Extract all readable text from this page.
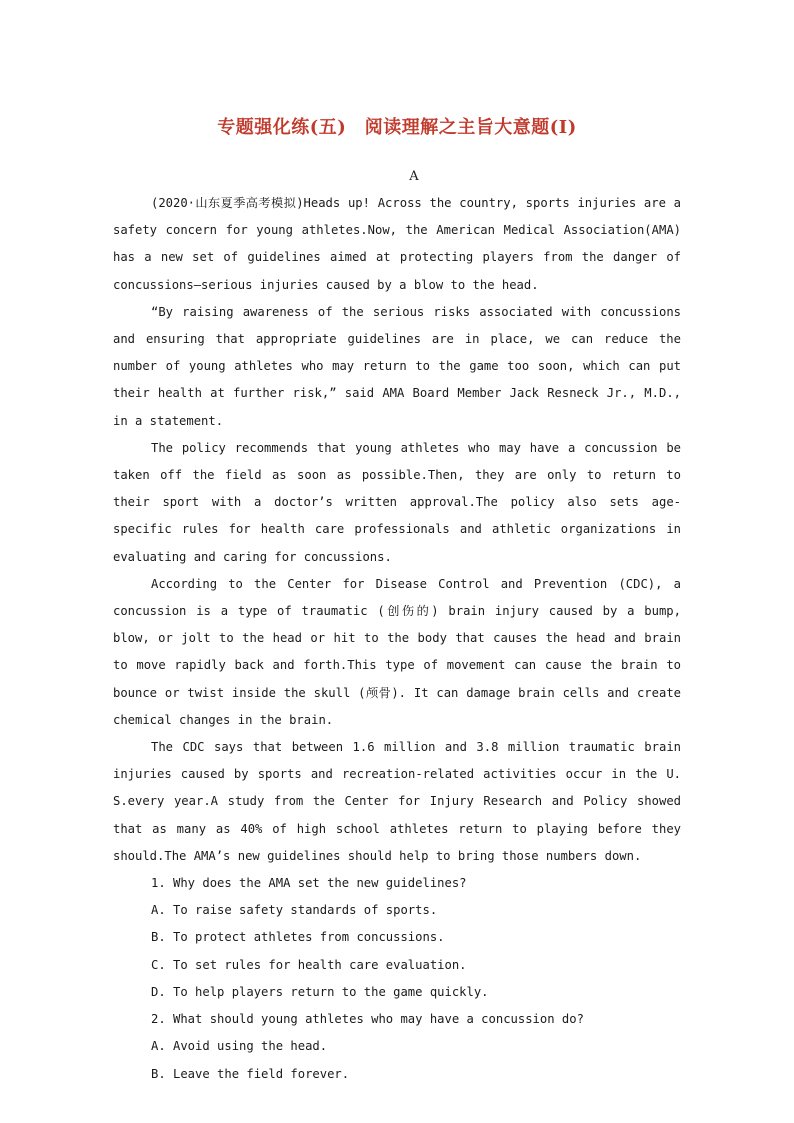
专题强化练(五)　阅读理解之主旨大意题(Ⅰ)
A

(2020·山东夏季高考模拟)Heads up! Across the country, sports injuries are a safety concern for young athletes.Now, the American Medical Association(AMA) has a new set of guidelines aimed at protecting players from the danger of concussions—serious injuries caused by a blow to the head.

“By raising awareness of the serious risks associated with concussions and ensuring that appropriate guidelines are in place, we can reduce the number of young athletes who may return to the game too soon, which can put their health at further risk,” said AMA Board Member Jack Resneck Jr., M.D., in a statement.

The policy recommends that young athletes who may have a concussion be taken off the field as soon as possible.Then, they are only to return to their sport with a doctor’s written approval.The policy also sets age-specific rules for health care professionals and athletic organizations in evaluating and caring for concussions.

According to the Center for Disease Control and Prevention (CDC), a concussion is a type of traumatic (创伤的) brain injury caused by a bump, blow, or jolt to the head or hit to the body that causes the head and brain to move rapidly back and forth.This type of movement can cause the brain to bounce or twist inside the skull (颅骨). It can damage brain cells and create chemical changes in the brain.

The CDC says that between 1.6 million and 3.8 million traumatic brain injuries caused by sports and recreation-related activities occur in the U. S.every year.A study from the Center for Injury Research and Policy showed that as many as 40% of high school athletes return to playing before they should.The AMA’s new guidelines should help to bring those numbers down.

1. Why does the AMA set the new guidelines?

A. To raise safety standards of sports.

B. To protect athletes from concussions.

C. To set rules for health care evaluation.

D. To help players return to the game quickly.

2. What should young athletes who may have a concussion do?

A. Avoid using the head.

B. Leave the field forever.
